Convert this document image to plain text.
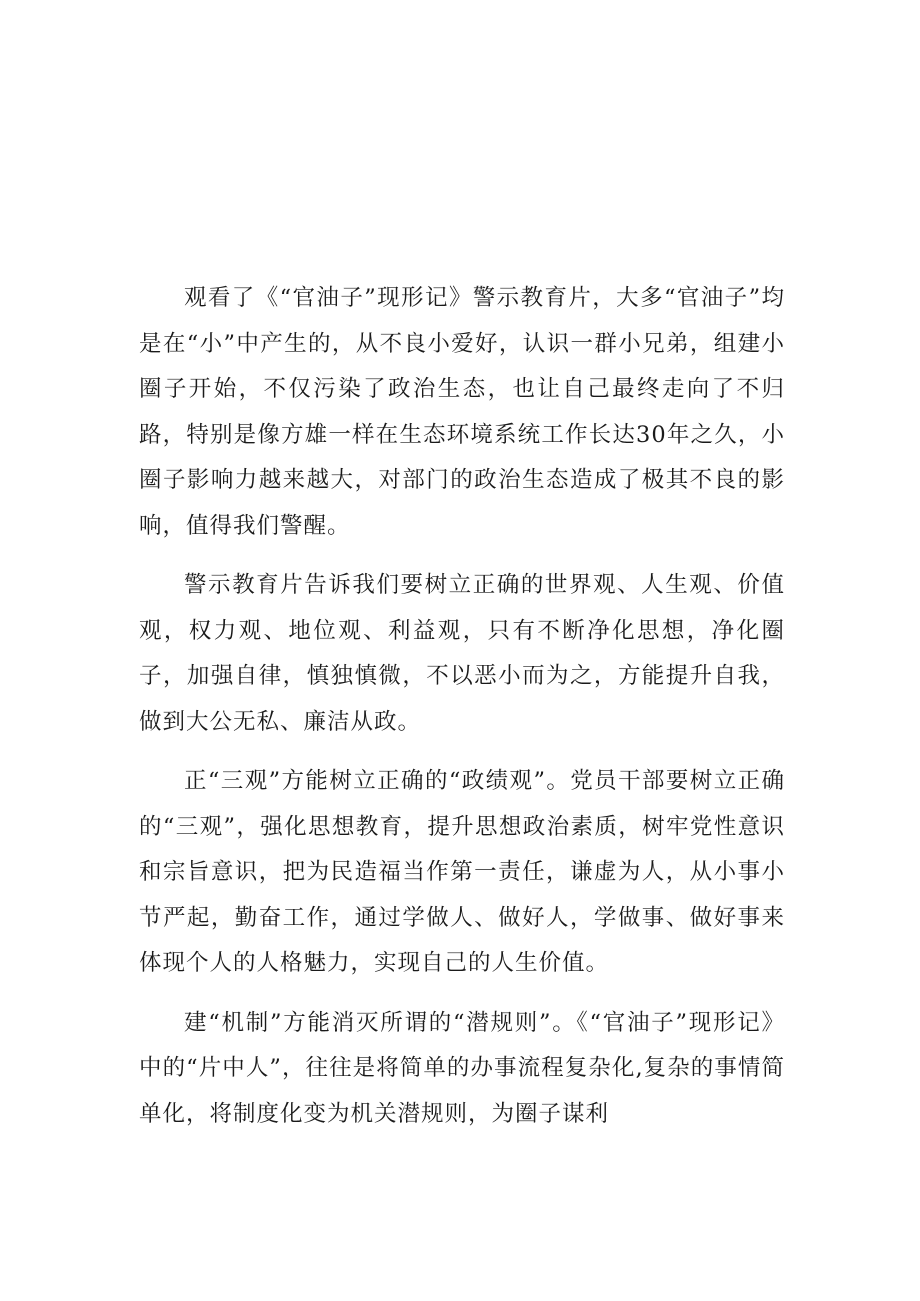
观看了《“官油子”现形记》警示教育片，大多“官油子”均是在“小”中产生的，从不良小爱好，认识一群小兄弟，组建小圈子开始，不仅污染了政治生态，也让自己最终走向了不归路，特别是像方雄一样在生态环境系统工作长达30年之久，小圈子影响力越来越大，对部门的政治生态造成了极其不良的影响，值得我们警醒。

警示教育片告诉我们要树立正确的世界观、人生观、价值观，权力观、地位观、利益观，只有不断净化思想，净化圈子，加强自律，慎独慎微，不以恶小而为之，方能提升自我，做到大公无私、廉洁从政。

正“三观”方能树立正确的“政绩观”。党员干部要树立正确的“三观”，强化思想教育，提升思想政治素质，树牢党性意识和宗旨意识，把为民造福当作第一责任，谦虚为人，从小事小节严起，勤奋工作，通过学做人、做好人，学做事、做好事来体现个人的人格魅力，实现自己的人生价值。

建“机制”方能消灭所谓的“潜规则”。《“官油子”现形记》中的“片中人”，往往是将简单的办事流程复杂化,复杂的事情简单化，将制度化变为机关潜规则，为圈子谋利
